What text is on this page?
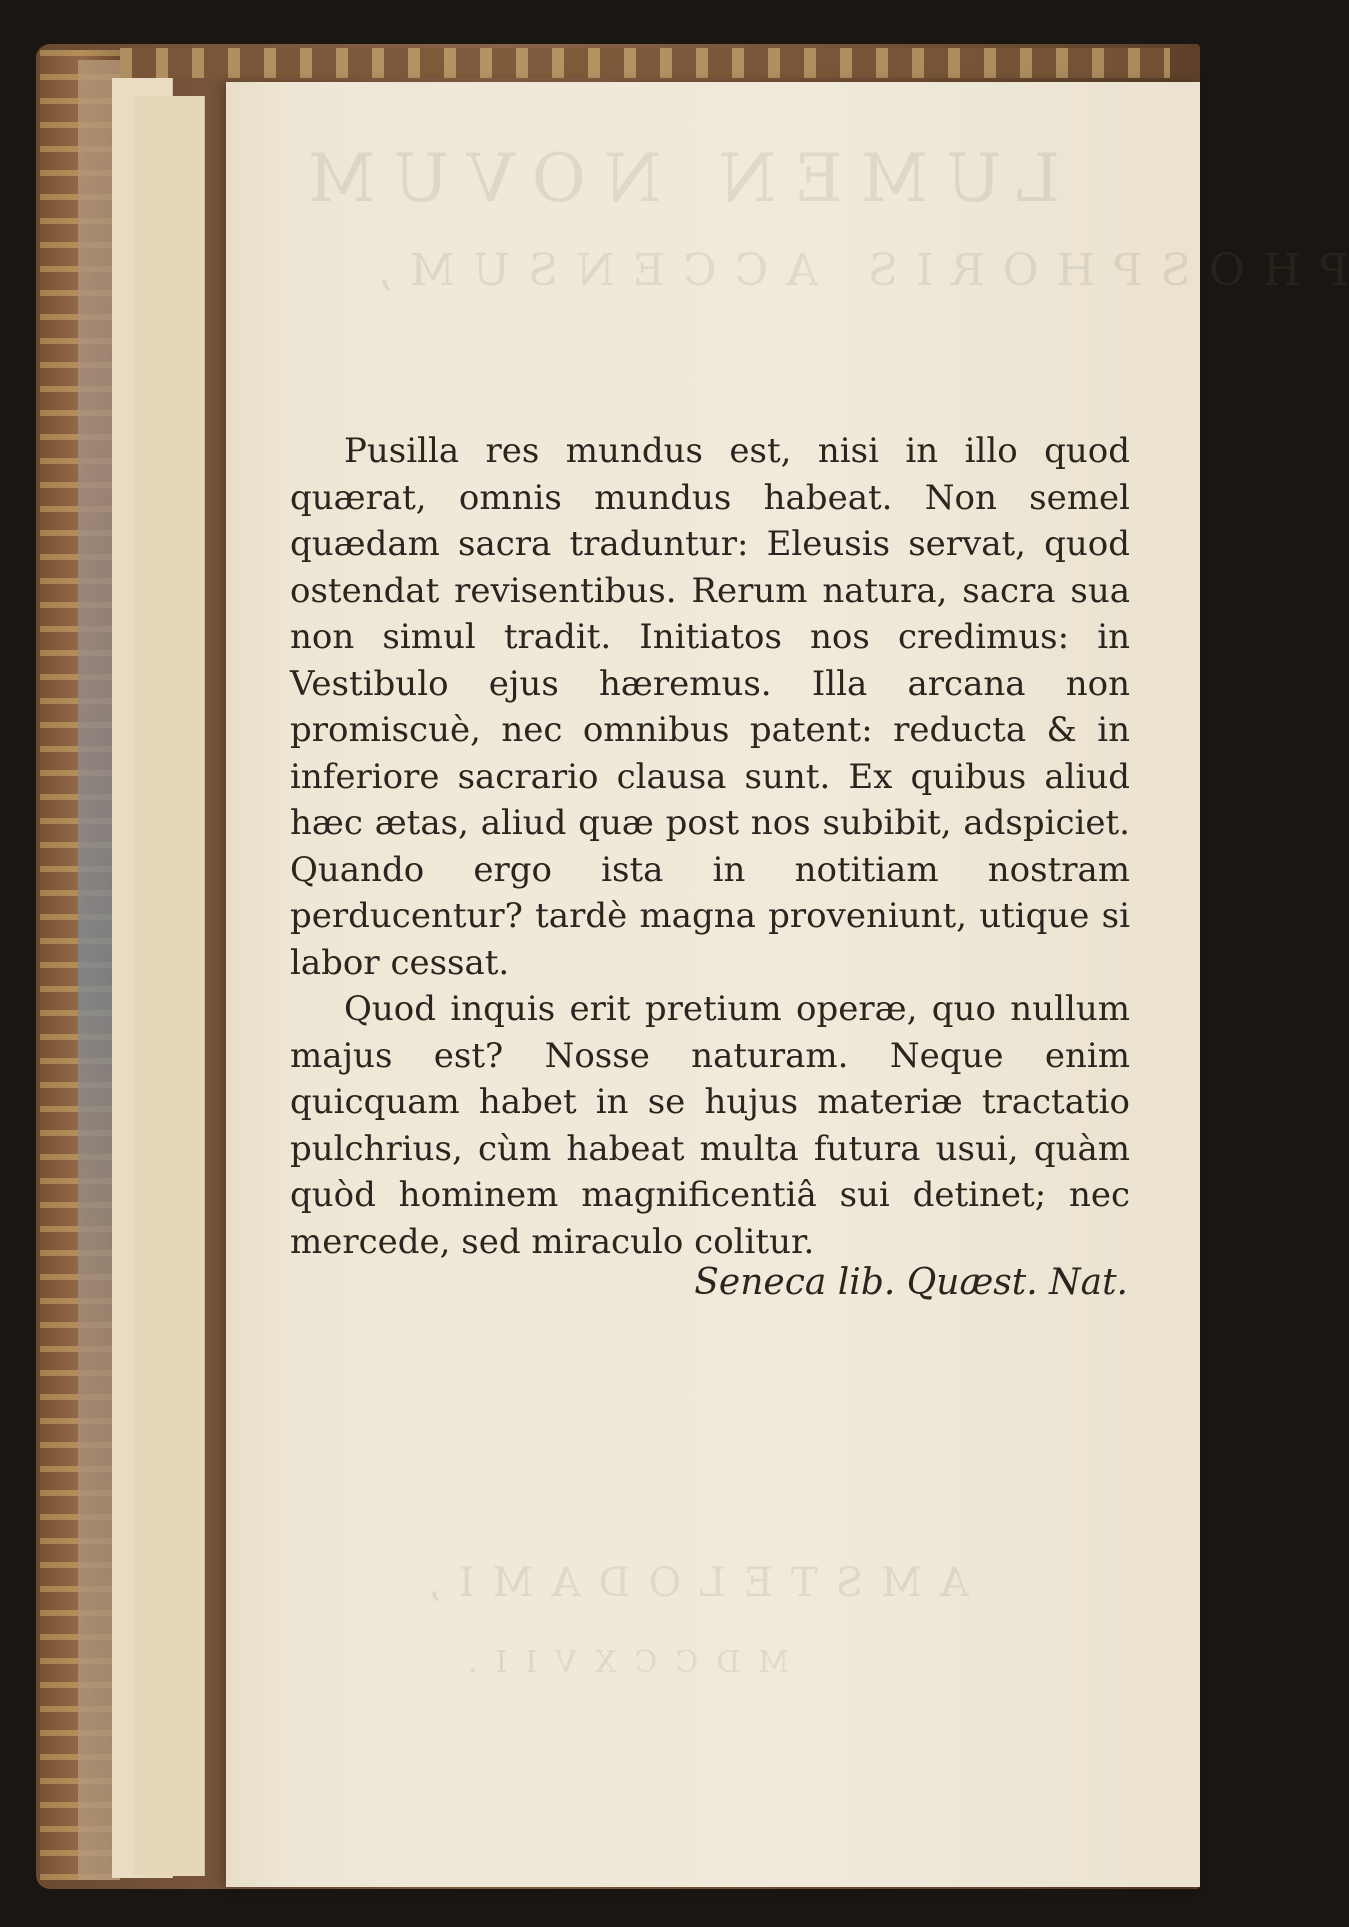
LUMEN NOVUM
PHOSPHORIS ACCENSUM,
AMSTELODAMI,
MDCCXVII.

Pusilla res mundus est, nisi in illo quod quærat, omnis mundus habeat. Non semel quædam sacra traduntur: Eleusis servat, quod ostendat revisentibus. Rerum natura, sacra sua non simul tradit. Initiatos nos credimus: in Vestibulo ejus hæremus. Illa arcana non promiscuè, nec omnibus patent: reducta & in inferiore sacrario clausa sunt. Ex quibus aliud hæc ætas, aliud quæ post nos subibit, adspiciet. Quando ergo ista in notitiam nostram perducentur? tardè magna proveniunt, utique si labor cessat.

Quod inquis erit pretium operæ, quo nullum majus est? Nosse naturam. Neque enim quicquam habet in se hujus materiæ tractatio pulchrius, cùm habeat multa futura usui, quàm quòd hominem magnificentiâ sui detinet; nec mercede, sed miraculo colitur.

Seneca lib. Quæst. Nat.
